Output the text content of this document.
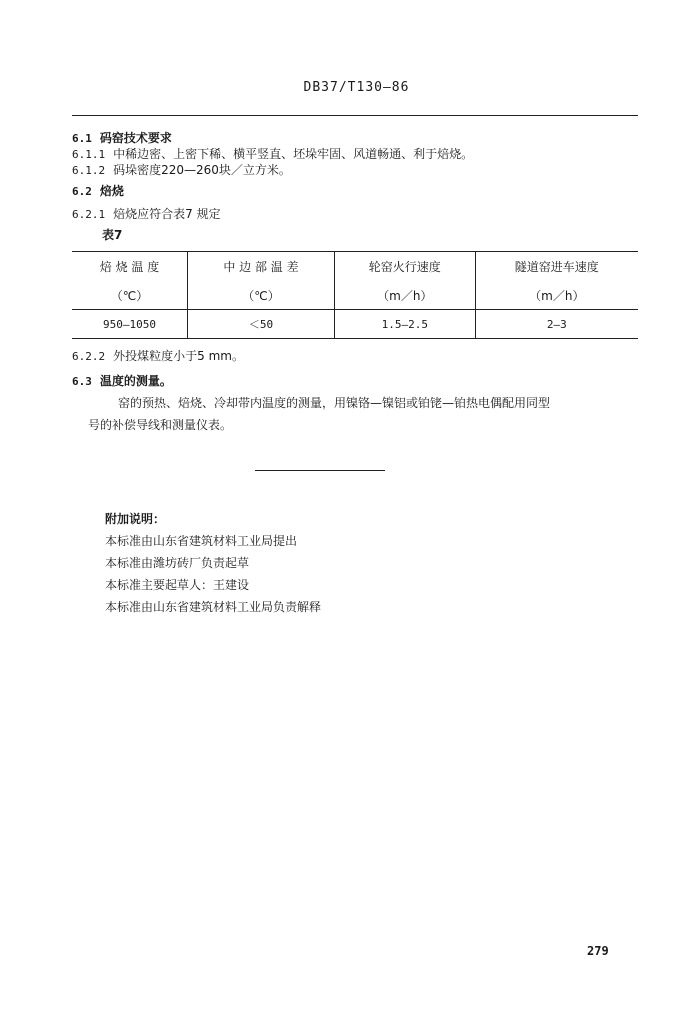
DB37/T130—86
6.1 码窑技术要求
6.1.1 中稀边密、上密下稀、横平竖直、坯垛牢固、风道畅通、利于焙烧。
6.1.2 码垛密度220—260块／立方米。
6.2 焙烧
6.2.1 焙烧应符合表7 规定
表7
焙 烧 温 度	中 边 部 温 差	轮窑火行速度	隧道窑进车速度
（℃）	（℃）	（m／h）	（m／h）
950—1050	＜50	1.5—2.5	2—3
6.2.2 外投煤粒度小于5 mm。
6.3 温度的测量。
窑的预热、焙烧、冷却带内温度的测量，用镍铬—镍铝或铂铑—铂热电偶配用同型
号的补偿导线和测量仪表。
附加说明：
本标准由山东省建筑材料工业局提出
本标准由潍坊砖厂负责起草
本标准主要起草人：王建设
本标准由山东省建筑材料工业局负责解释
279
